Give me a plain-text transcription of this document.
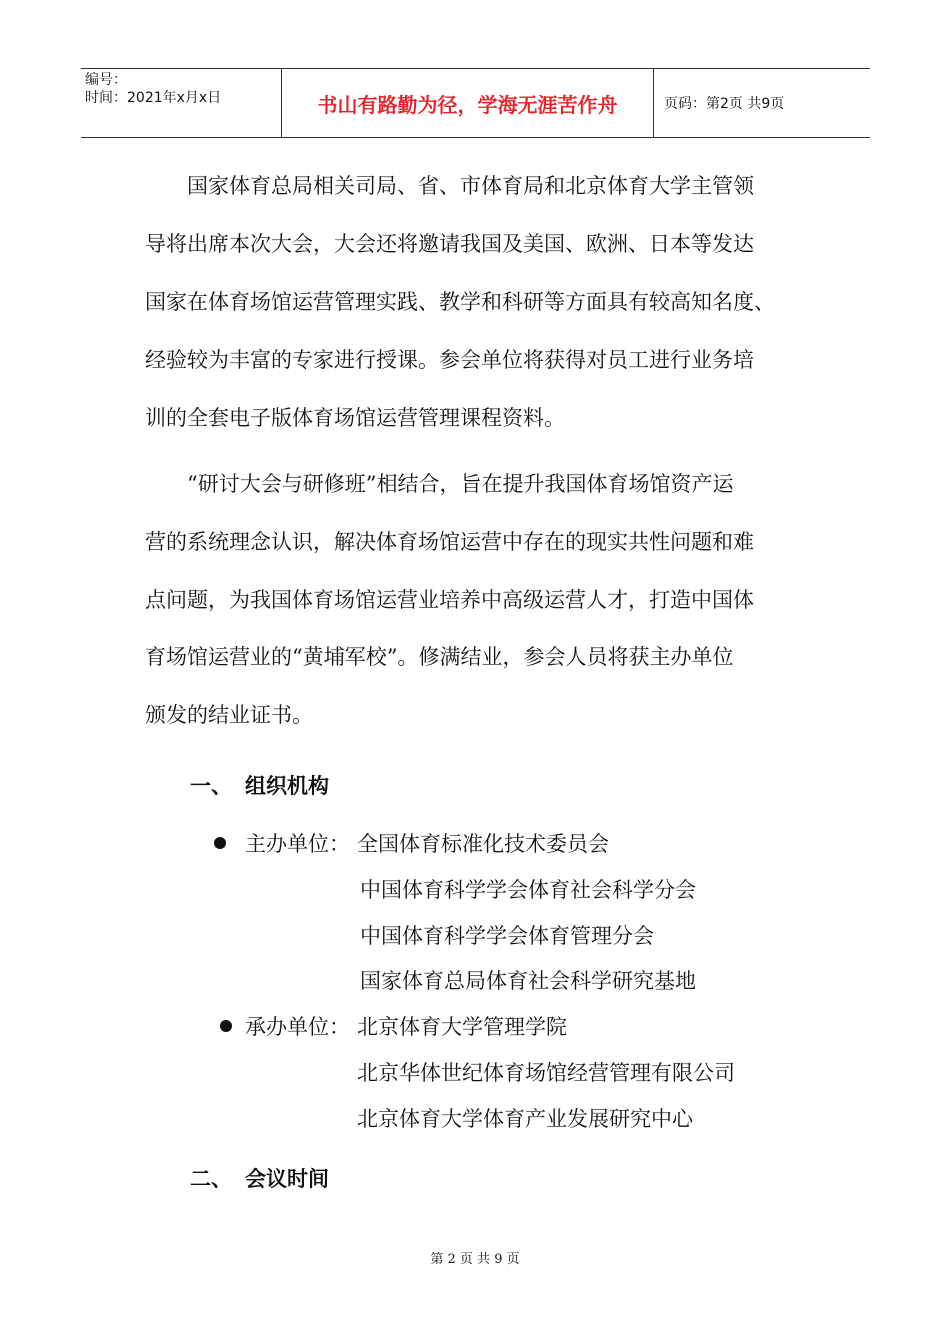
编号：
时间：2021年x月x日	书山有路勤为径，学海无涯苦作舟	页码：第2页 共9页
国家体育总局相关司局、省、市体育局和北京体育大学主管领
导将出席本次大会，大会还将邀请我国及美国、欧洲、日本等发达
国家在体育场馆运营管理实践、教学和科研等方面具有较高知名度、
经验较为丰富的专家进行授课。参会单位将获得对员工进行业务培
训的全套电子版体育场馆运营管理课程资料。
“研讨大会与研修班”相结合，旨在提升我国体育场馆资产运
营的系统理念认识，解决体育场馆运营中存在的现实共性问题和难
点问题，为我国体育场馆运营业培养中高级运营人才，打造中国体
育场馆运营业的“黄埔军校”。修满结业，参会人员将获主办单位
颁发的结业证书。
一、 组织机构
主办单位： 全国体育标准化技术委员会
中国体育科学学会体育社会科学分会
中国体育科学学会体育管理分会
国家体育总局体育社会科学研究基地
承办单位： 北京体育大学管理学院
北京华体世纪体育场馆经营管理有限公司
北京体育大学体育产业发展研究中心
二、 会议时间
第 2 页 共 9 页
